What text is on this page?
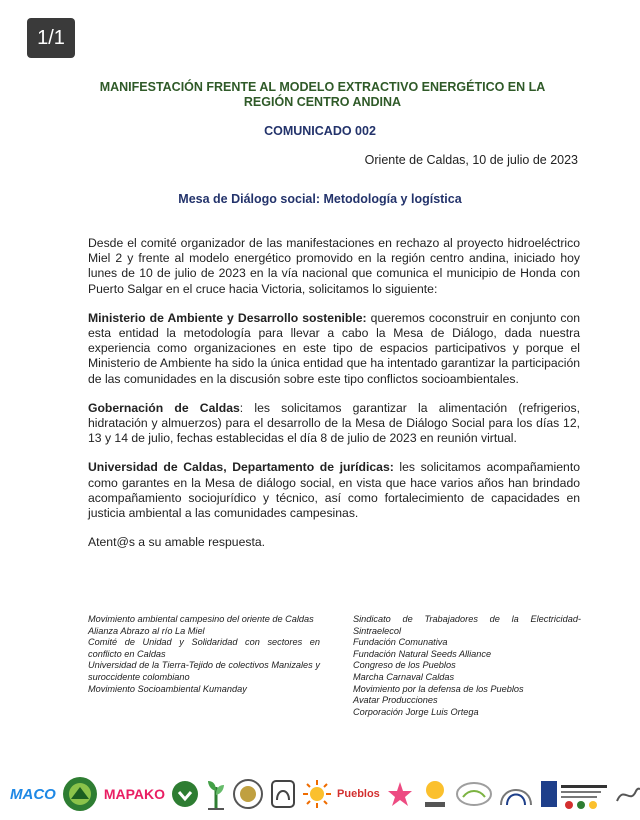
1/1
MANIFESTACIÓN FRENTE AL MODELO EXTRACTIVO ENERGÉTICO EN LA REGIÓN CENTRO ANDINA
COMUNICADO 002
Oriente de Caldas, 10 de julio de 2023
Mesa de Diálogo social: Metodología y logística

Desde el comité organizador de las manifestaciones en rechazo al proyecto hidroeléctrico Miel 2 y frente al modelo energético promovido en la región centro andina, iniciado hoy lunes de 10 de julio de 2023 en la vía nacional que comunica el municipio de Honda con Puerto Salgar en el cruce hacia Victoria, solicitamos lo siguiente:

Ministerio de Ambiente y Desarrollo sostenible: queremos coconstruir en conjunto con esta entidad la metodología para llevar a cabo la Mesa de Diálogo, dada nuestra experiencia como organizaciones en este tipo de espacios participativos y porque el Ministerio de Ambiente ha sido la única entidad que ha intentado garantizar la participación de las comunidades en la discusión sobre este tipo conflictos socioambientales.

Gobernación de Caldas: les solicitamos garantizar la alimentación (refrigerios, hidratación y almuerzos) para el desarrollo de la Mesa de Diálogo Social para los días 12, 13 y 14 de julio, fechas establecidas el día 8 de julio de 2023 en reunión virtual.

Universidad de Caldas, Departamento de jurídicas: les solicitamos acompañamiento como garantes en la Mesa de diálogo social, en vista que hace varios años han brindado acompañamiento sociojurídico y técnico, así como fortalecimiento de capacidades en justicia ambiental a las comunidades campesinas.

Atent@s a su amable respuesta.

Movimiento ambiental campesino del oriente de Caldas
Alianza Abrazo al río La Miel
Comité de Unidad y Solidaridad con sectores en conflicto en Caldas
Universidad de la Tierra-Tejido de colectivos Manizales y suroccidente colombiano
Movimiento Socioambiental Kumanday
Sindicato de Trabajadores de la Electricidad-Sintraelecol
Fundación Comunativa
Fundación Natural Seeds Alliance
Congreso de los Pueblos
Marcha Carnaval Caldas
Movimiento por la defensa de los Pueblos
Avatar Producciones
Corporación Jorge Luis Ortega
MACO	MAPAKO	Pueblos
